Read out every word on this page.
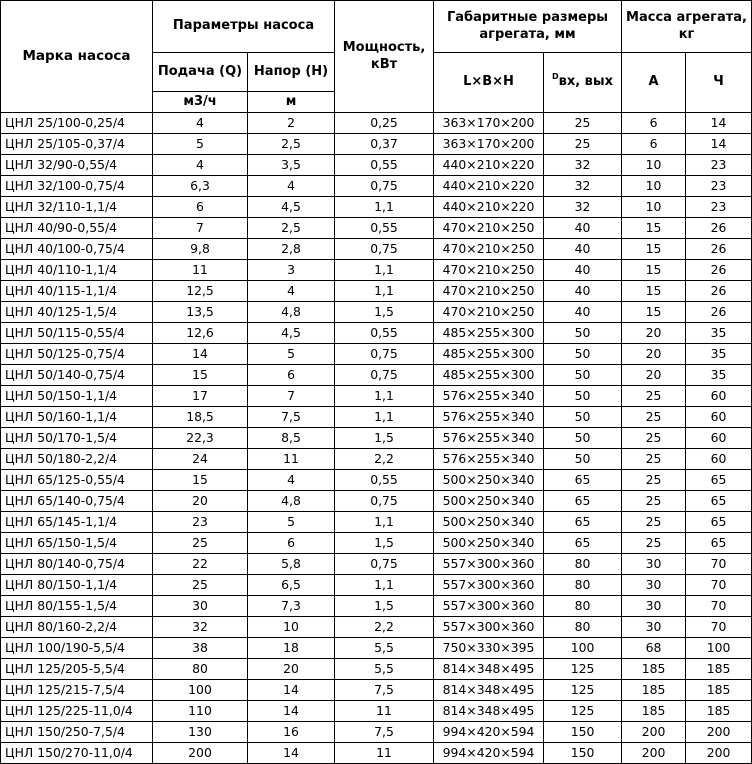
Марка насоса	Параметры насоса		Мощность, кВт	Габаритные размеры агрегата, мм		Масса агрегата, кг	
	Подача (Q)	Напор (H)		L×B×H	$^D$вх, вых	А	Ч
	м3/ч	м					
ЦНЛ 25/100-0,25/4	4	2	0,25	363×170×200	25	6	14
ЦНЛ 25/105-0,37/4	5	2,5	0,37	363×170×200	25	6	14
ЦНЛ 32/90-0,55/4	4	3,5	0,55	440×210×220	32	10	23
ЦНЛ 32/100-0,75/4	6,3	4	0,75	440×210×220	32	10	23
ЦНЛ 32/110-1,1/4	6	4,5	1,1	440×210×220	32	10	23
ЦНЛ 40/90-0,55/4	7	2,5	0,55	470×210×250	40	15	26
ЦНЛ 40/100-0,75/4	9,8	2,8	0,75	470×210×250	40	15	26
ЦНЛ 40/110-1,1/4	11	3	1,1	470×210×250	40	15	26
ЦНЛ 40/115-1,1/4	12,5	4	1,1	470×210×250	40	15	26
ЦНЛ 40/125-1,5/4	13,5	4,8	1,5	470×210×250	40	15	26
ЦНЛ 50/115-0,55/4	12,6	4,5	0,55	485×255×300	50	20	35
ЦНЛ 50/125-0,75/4	14	5	0,75	485×255×300	50	20	35
ЦНЛ 50/140-0,75/4	15	6	0,75	485×255×300	50	20	35
ЦНЛ 50/150-1,1/4	17	7	1,1	576×255×340	50	25	60
ЦНЛ 50/160-1,1/4	18,5	7,5	1,1	576×255×340	50	25	60
ЦНЛ 50/170-1,5/4	22,3	8,5	1,5	576×255×340	50	25	60
ЦНЛ 50/180-2,2/4	24	11	2,2	576×255×340	50	25	60
ЦНЛ 65/125-0,55/4	15	4	0,55	500×250×340	65	25	65
ЦНЛ 65/140-0,75/4	20	4,8	0,75	500×250×340	65	25	65
ЦНЛ 65/145-1,1/4	23	5	1,1	500×250×340	65	25	65
ЦНЛ 65/150-1,5/4	25	6	1,5	500×250×340	65	25	65
ЦНЛ 80/140-0,75/4	22	5,8	0,75	557×300×360	80	30	70
ЦНЛ 80/150-1,1/4	25	6,5	1,1	557×300×360	80	30	70
ЦНЛ 80/155-1,5/4	30	7,3	1,5	557×300×360	80	30	70
ЦНЛ 80/160-2,2/4	32	10	2,2	557×300×360	80	30	70
ЦНЛ 100/190-5,5/4	38	18	5,5	750×330×395	100	68	100
ЦНЛ 125/205-5,5/4	80	20	5,5	814×348×495	125	185	185
ЦНЛ 125/215-7,5/4	100	14	7,5	814×348×495	125	185	185
ЦНЛ 125/225-11,0/4	110	14	11	814×348×495	125	185	185
ЦНЛ 150/250-7,5/4	130	16	7,5	994×420×594	150	200	200
ЦНЛ 150/270-11,0/4	200	14	11	994×420×594	150	200	200
